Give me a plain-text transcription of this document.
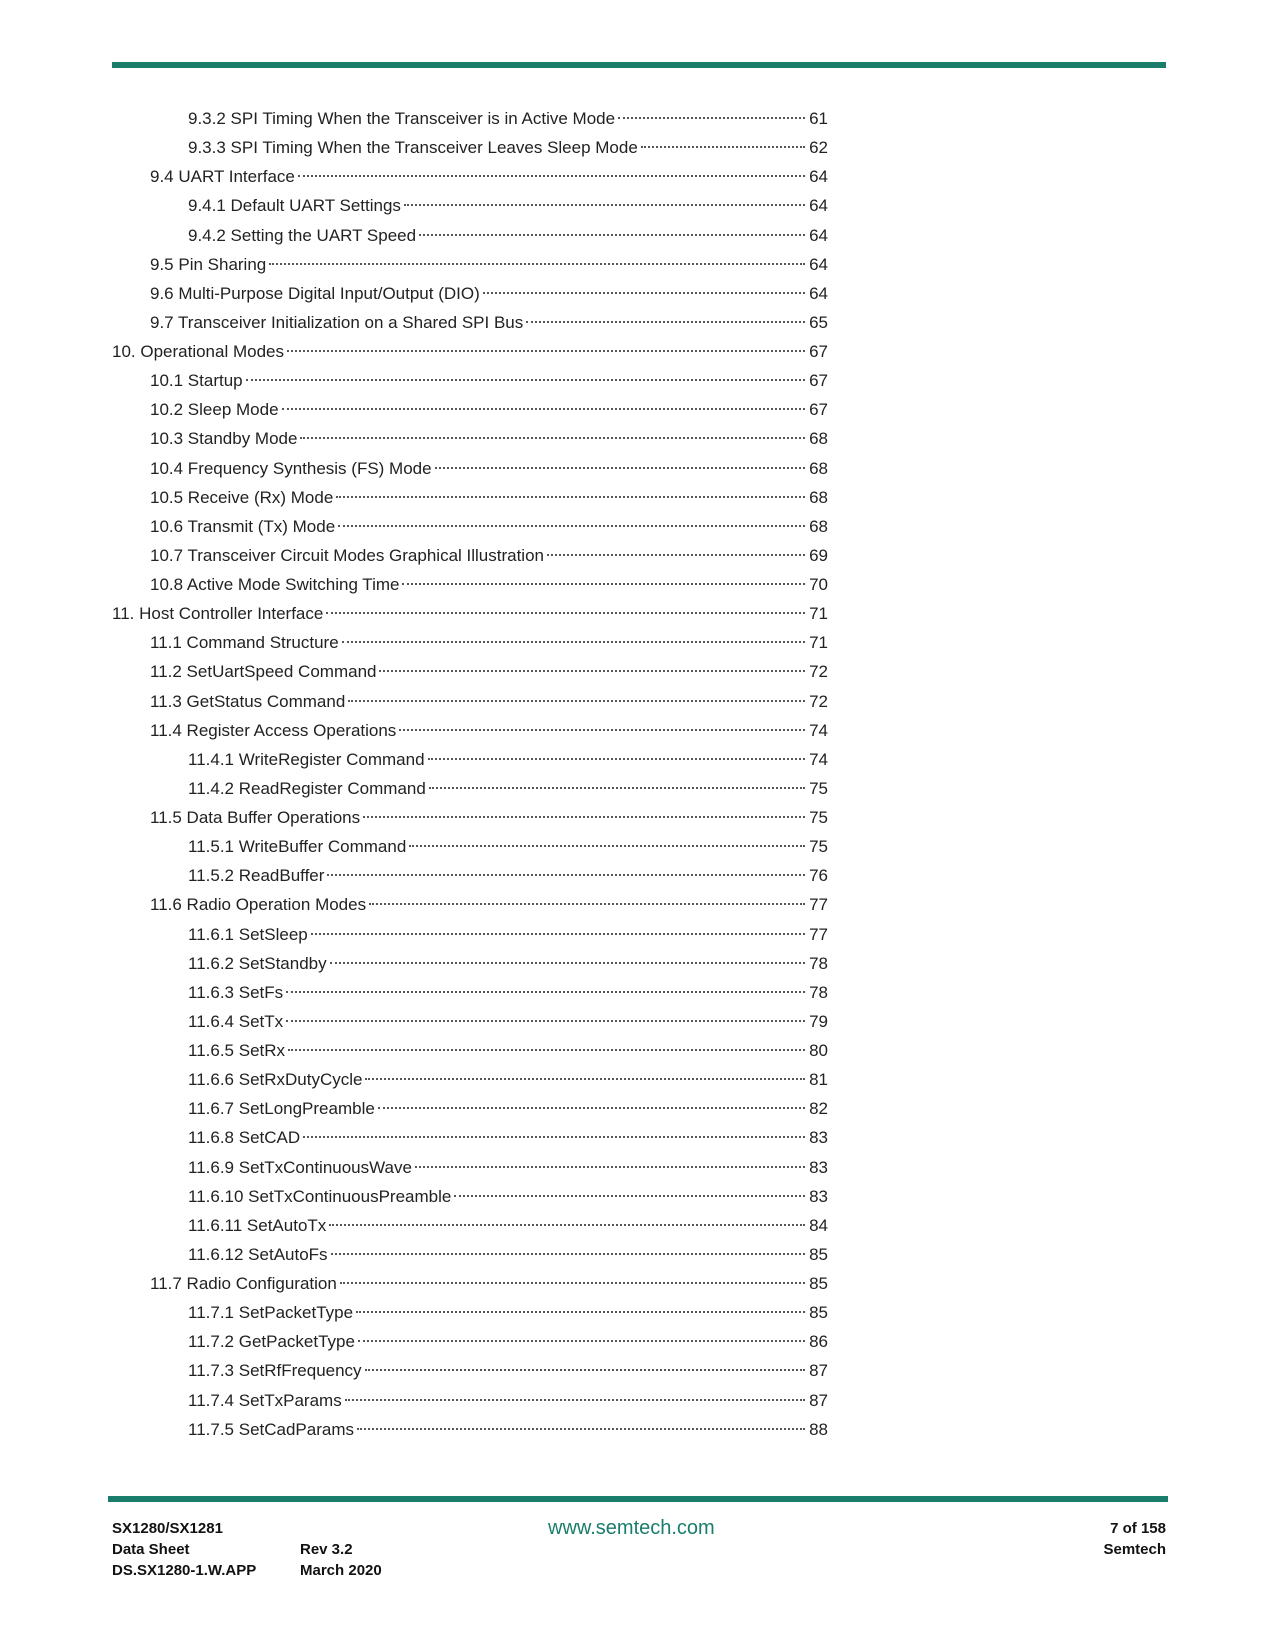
9.3.2 SPI Timing When the Transceiver is in Active Mode	61
9.3.3 SPI Timing When the Transceiver Leaves Sleep Mode	62
9.4 UART Interface	64
9.4.1 Default UART Settings	64
9.4.2 Setting the UART Speed	64
9.5 Pin Sharing	64
9.6 Multi-Purpose Digital Input/Output (DIO)	64
9.7 Transceiver Initialization on a Shared SPI Bus	65
10. Operational Modes	67
10.1 Startup	67
10.2 Sleep Mode	67
10.3 Standby Mode	68
10.4 Frequency Synthesis (FS) Mode	68
10.5 Receive (Rx) Mode	68
10.6 Transmit (Tx) Mode	68
10.7 Transceiver Circuit Modes Graphical Illustration	69
10.8 Active Mode Switching Time	70
11. Host Controller Interface	71
11.1 Command Structure	71
11.2 SetUartSpeed Command	72
11.3 GetStatus Command	72
11.4 Register Access Operations	74
11.4.1 WriteRegister Command	74
11.4.2 ReadRegister Command	75
11.5 Data Buffer Operations	75
11.5.1 WriteBuffer Command	75
11.5.2 ReadBuffer	76
11.6 Radio Operation Modes	77
11.6.1 SetSleep	77
11.6.2 SetStandby	78
11.6.3 SetFs	78
11.6.4 SetTx	79
11.6.5 SetRx	80
11.6.6 SetRxDutyCycle	81
11.6.7 SetLongPreamble	82
11.6.8 SetCAD	83
11.6.9 SetTxContinuousWave	83
11.6.10 SetTxContinuousPreamble	83
11.6.11 SetAutoTx	84
11.6.12 SetAutoFs	85
11.7 Radio Configuration	85
11.7.1 SetPacketType	85
11.7.2 GetPacketType	86
11.7.3 SetRfFrequency	87
11.7.4 SetTxParams	87
11.7.5 SetCadParams	88
SX1280/SX1281
Data Sheet
DS.SX1280-1.W.APP
Rev 3.2
March 2020
www.semtech.com	7 of 158
Semtech
